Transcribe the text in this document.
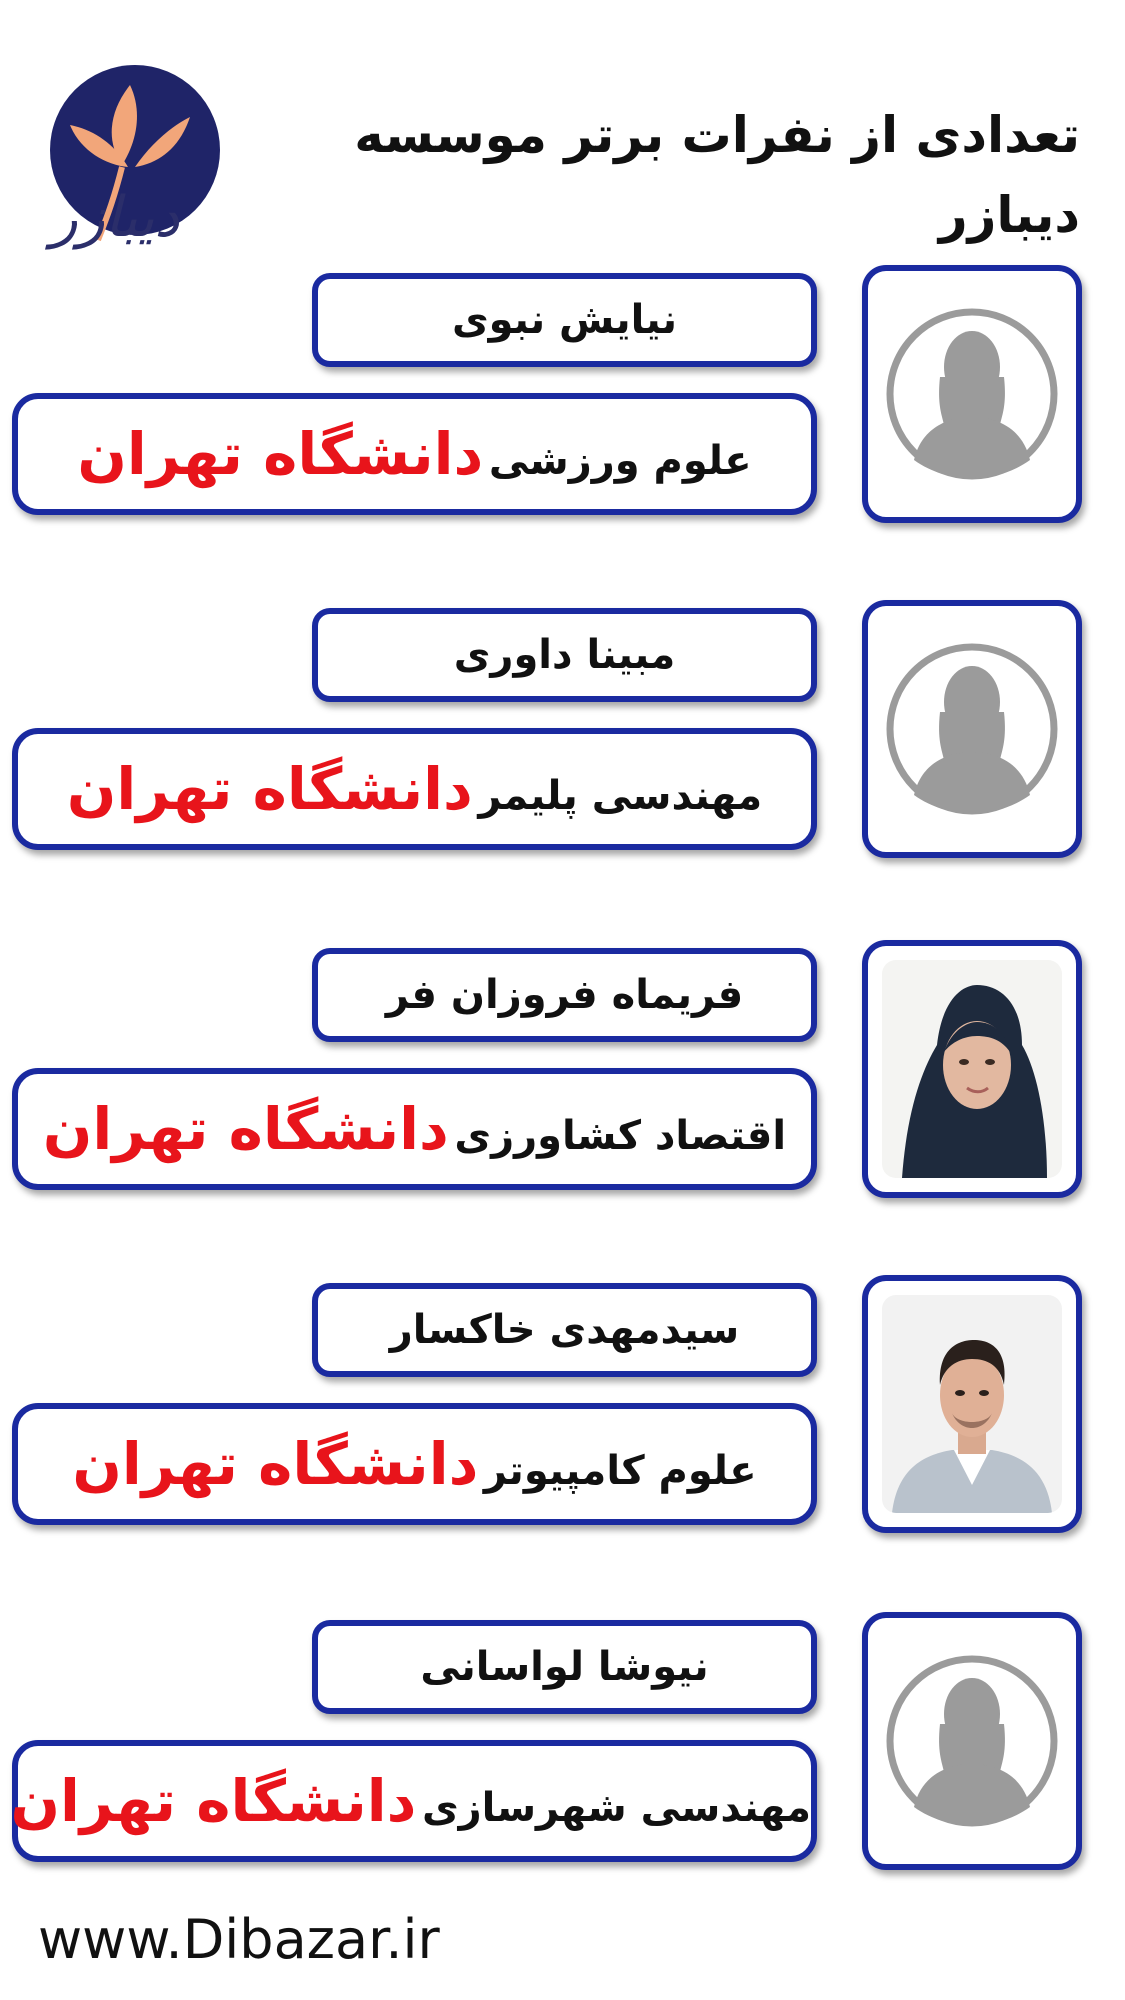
دیبازر
تعدادی از نفرات برتر موسسه دیبازر
نیایش نبوی
علوم ورزشی دانشگاه تهران
مبینا داوری
مهندسی پلیمر دانشگاه تهران
فریماه فروزان فر
اقتصاد کشاورزی دانشگاه تهران
سیدمهدی خاکسار
علوم کامپیوتر دانشگاه تهران
نیوشا لواسانی
مهندسی شهرسازی دانشگاه تهران
www.Dibazar.ir
